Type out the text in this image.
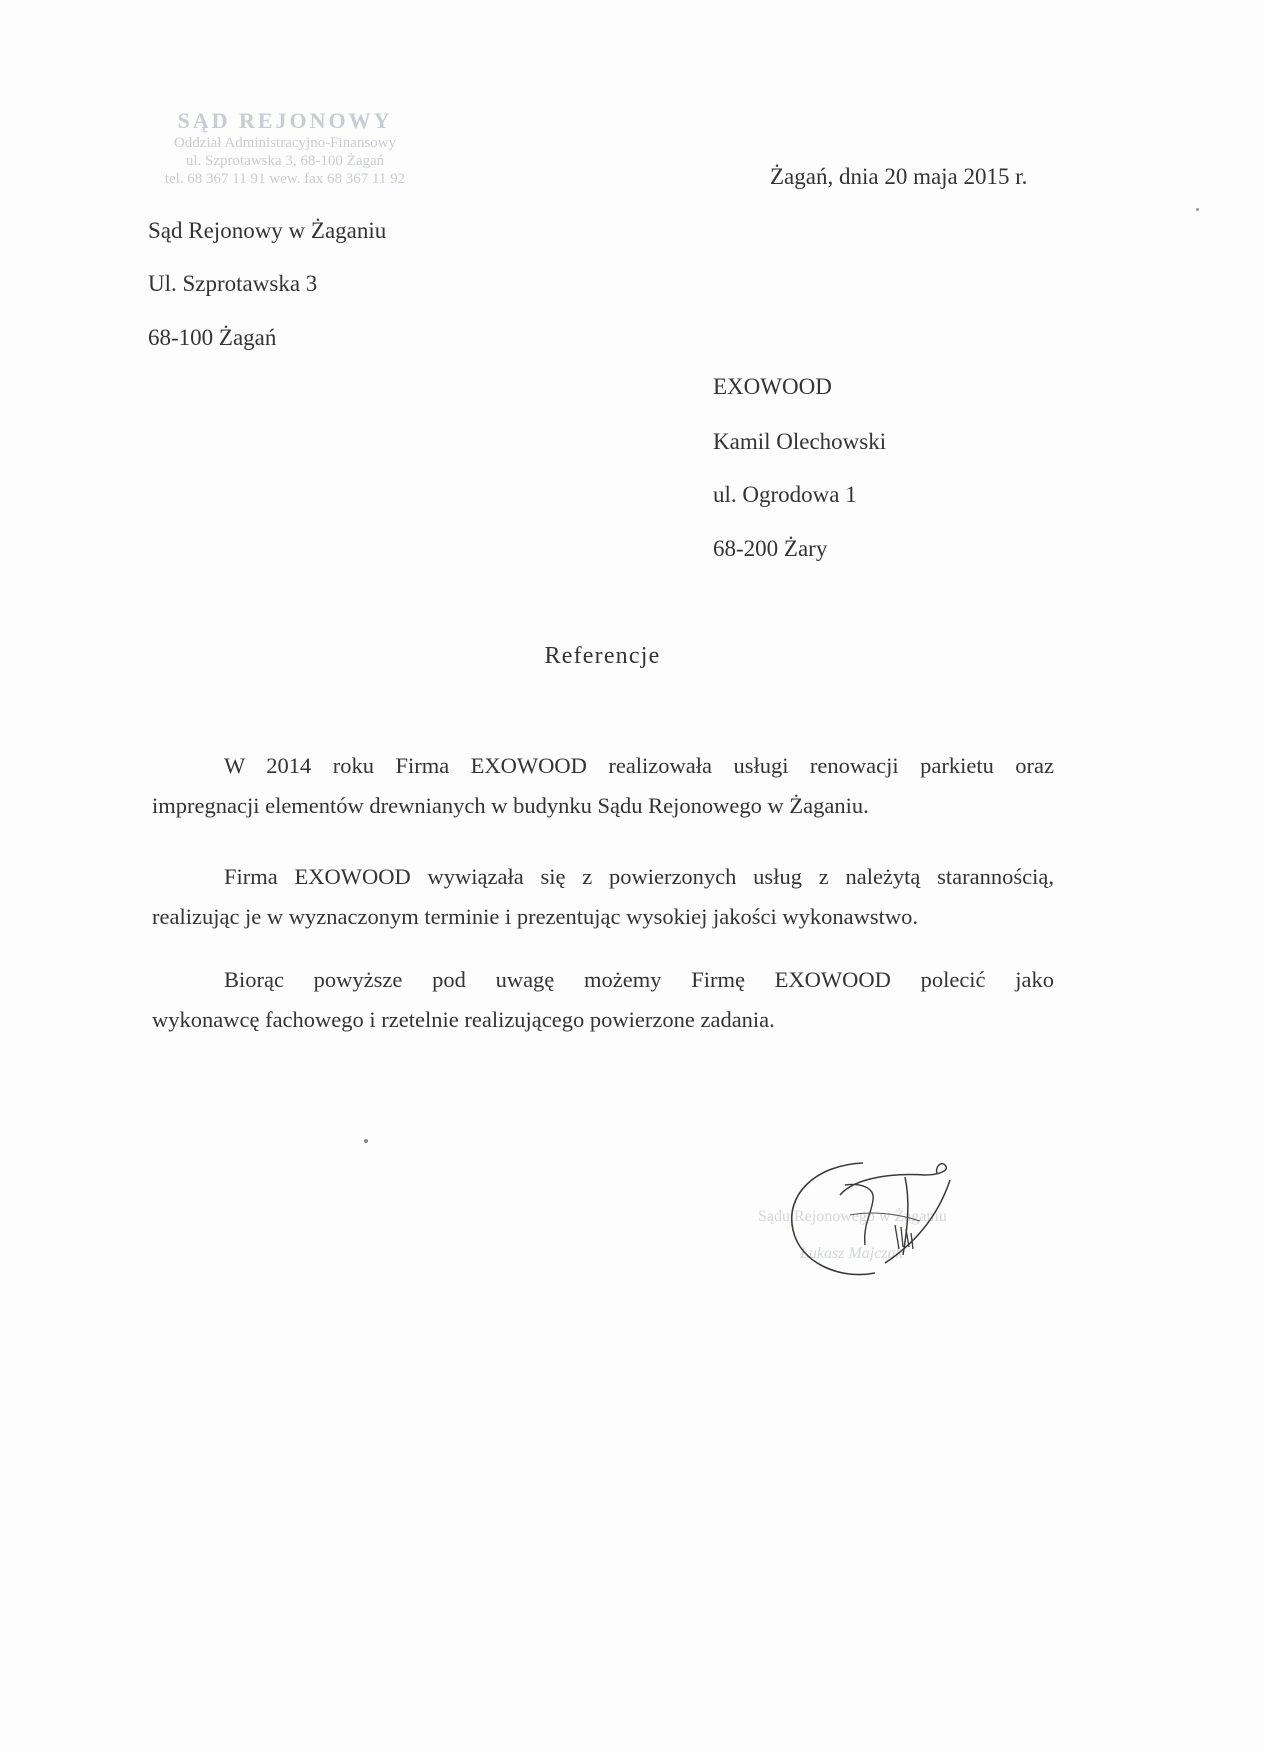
SĄD REJONOWY
Oddział Administracyjno-Finansowy
ul. Szprotawska 3, 68-100 Żagań
tel. 68 367 11 91 wew. fax 68 367 11 92	Żagań, dnia 20 maja 2015 r.
Sąd Rejonowy w Żaganiu
Ul. Szprotawska 3
68-100 Żagań
EXOWOOD
Kamil Olechowski
ul. Ogrodowa 1
68-200 Żary
Referencje
W 2014 roku Firma EXOWOOD realizowała usługi renowacji parkietu oraz
impregnacji elementów drewnianych w budynku Sądu Rejonowego w Żaganiu.
Firma EXOWOOD wywiązała się z powierzonych usług z należytą starannością,
realizując je w wyznaczonym terminie i prezentując wysokiej jakości wykonawstwo.
Biorąc powyższe pod uwagę możemy Firmę EXOWOOD polecić jako
wykonawcę fachowego i rzetelnie realizującego powierzone zadania.
Sądu Rejonowego w Żaganiu
Łukasz Majczak
